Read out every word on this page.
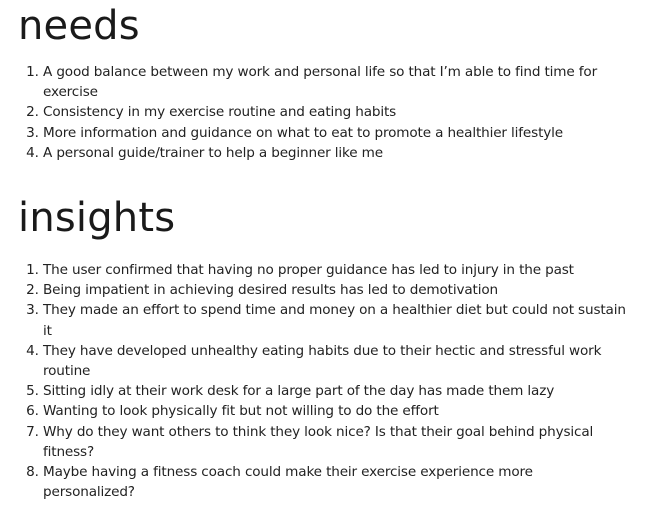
needs
1. A good balance between my work and personal life so that I’m able to find time for exercise
2. Consistency in my exercise routine and eating habits
3. More information and guidance on what to eat to promote a healthier lifestyle
4. A personal guide/trainer to help a beginner like me
insights
1. The user confirmed that having no proper guidance has led to injury in the past
2. Being impatient in achieving desired results has led to demotivation
3. They made an effort to spend time and money on a healthier diet but could not sustain it
4. They have developed unhealthy eating habits due to their hectic and stressful work routine
5. Sitting idly at their work desk for a large part of the day has made them lazy
6. Wanting to look physically fit but not willing to do the effort
7. Why do they want others to think they look nice? Is that their goal behind physical fitness?
8. Maybe having a fitness coach could make their exercise experience more personalized?
